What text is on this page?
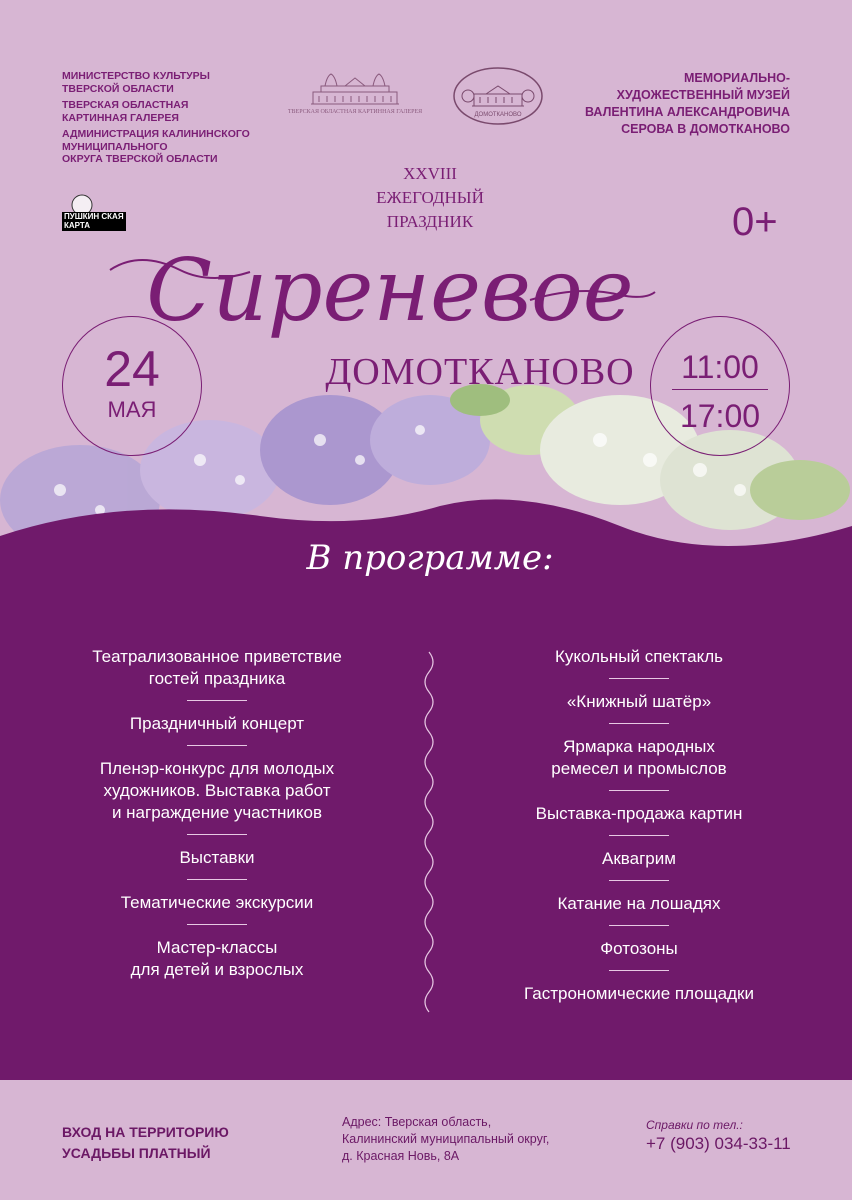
МИНИСТЕРСТВО КУЛЬТУРЫ
ТВЕРСКОЙ ОБЛАСТИ
ТВЕРСКАЯ ОБЛАСТНАЯ
КАРТИННАЯ ГАЛЕРЕЯ
АДМИНИСТРАЦИЯ КАЛИНИНСКОГО
МУНИЦИПАЛЬНОГО
ОКРУГА ТВЕРСКОЙ ОБЛАСТИ
МЕМОРИАЛЬНО-
ХУДОЖЕСТВЕННЫЙ МУЗЕЙ
ВАЛЕНТИНА АЛЕКСАНДРОВИЧА
СЕРОВА В ДОМОТКАНОВО
ТВЕРСКАЯ ОБЛАСТНАЯ КАРТИННАЯ ГАЛЕРЕЯ	ДОМОТКАНОВО
ПУШКИН СКАЯ КАРТА
XXVIII
ЕЖЕГОДНЫЙ
ПРАЗДНИК	0+
Сиреневое
ДОМОТКАНОВО
24
МАЯ
11:00
17:00
В программе:
Театрализованное приветствие
гостей праздника
Праздничный концерт
Пленэр-конкурс для молодых
художников. Выставка работ
и награждение участников
Выставки
Тематические экскурсии
Мастер-классы
для детей и взрослых
Кукольный спектакль
«Книжный шатёр»
Ярмарка народных
ремесел и промыслов
Выставка-продажа картин
Аквагрим
Катание на лошадях
Фотозоны
Гастрономические площадки
ВХОД НА ТЕРРИТОРИЮ
УСАДЬБЫ ПЛАТНЫЙ
Адрес: Тверская область,
Калининский муниципальный округ,
д. Красная Новь, 8А
Справки по тел.:
+7 (903) 034-33-11
